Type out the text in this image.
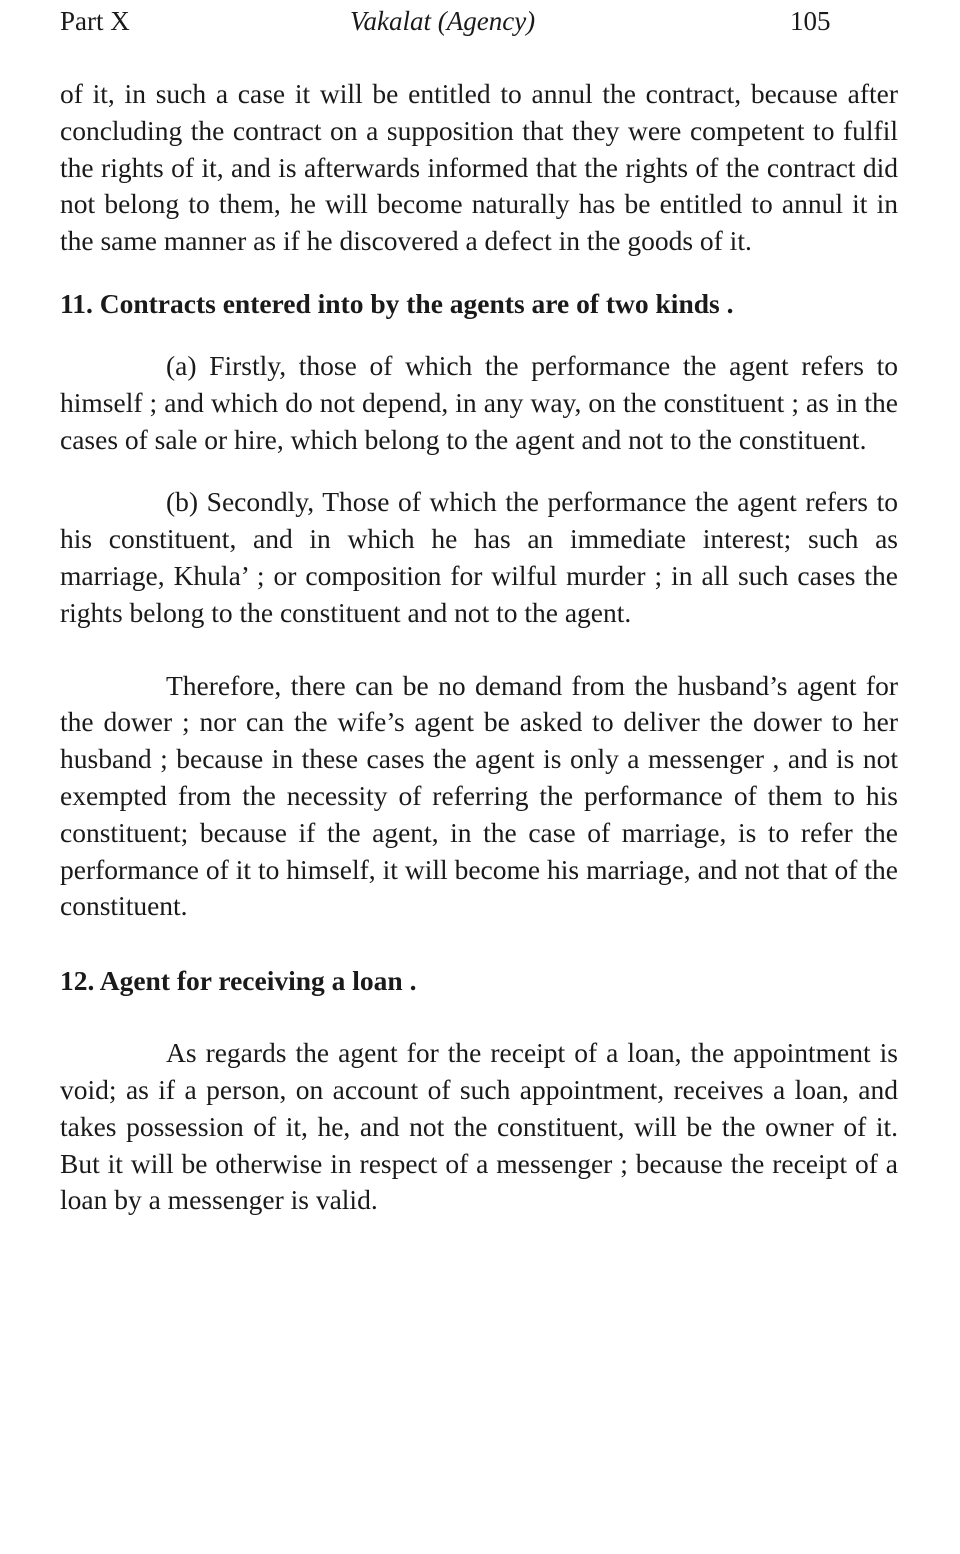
Part X	Vakalat (Agency)	105

of it, in such a case it will be entitled to annul the contract, because after concluding the contract on a supposition that they were competent to fulfil the rights of it, and is afterwards informed that the rights of the contract did not belong to them, he will become naturally has be entitled to annul it in the same manner as if he discovered a defect in the goods of it.

11. Contracts entered into by the agents are of two kinds .

(a) Firstly, those of which the performance the agent refers to himself ; and which do not depend, in any way, on the constituent ; as in the cases of sale or hire, which belong to the agent and not to the constituent.

(b) Secondly, Those of which the performance the agent refers to his constituent, and in which he has an immediate interest; such as marriage, Khula’ ; or composition for wilful murder ; in all such cases the rights belong to the constituent and not to the agent.

Therefore, there can be no demand from the husband’s agent for the dower ; nor can the wife’s agent be asked to deliver the dower to her husband ; because in these cases the agent is only a messenger , and is not exempted from the necessity of referring the performance of them to his constituent; because if the agent, in the case of marriage, is to refer the performance of it to himself, it will become his marriage, and not that of the constituent.

12. Agent for receiving a loan .

As regards the agent for the receipt of a loan, the appointment is void; as if a person, on account of such appointment, receives a loan, and takes possession of it, he, and not the constituent, will be the owner of it. But it will be otherwise in respect of a messenger ; because the receipt of a loan by a messenger is valid.
